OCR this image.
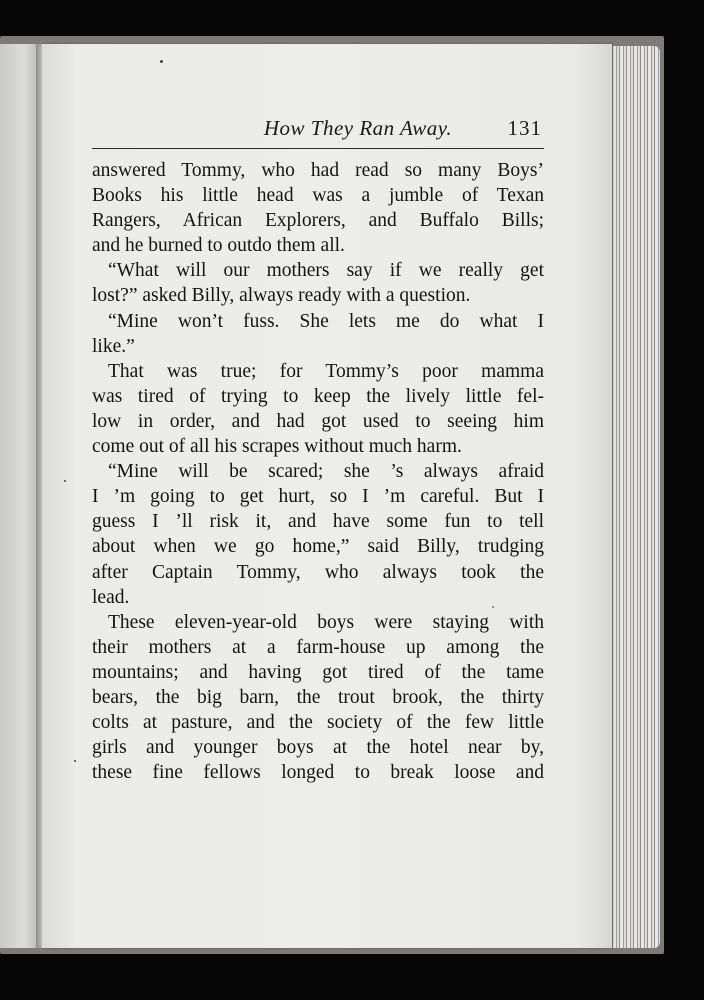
How They Ran Away.	131
answered Tommy, who had read so many Boys’
Books his little head was a jumble of Texan
Rangers, African Explorers, and Buffalo Bills;
and he burned to outdo them all.
“What will our mothers say if we really get
lost?” asked Billy, always ready with a question.
“Mine won’t fuss. She lets me do what I
like.”
That was true; for Tommy’s poor mamma
was tired of trying to keep the lively little fel-
low in order, and had got used to seeing him
come out of all his scrapes without much harm.
“Mine will be scared; she ’s always afraid
I ’m going to get hurt, so I ’m careful. But I
guess I ’ll risk it, and have some fun to tell
about when we go home,” said Billy, trudging
after Captain Tommy, who always took the
lead.
These eleven-year-old boys were staying with
their mothers at a farm-house up among the
mountains; and having got tired of the tame
bears, the big barn, the trout brook, the thirty
colts at pasture, and the society of the few little
girls and younger boys at the hotel near by,
these fine fellows longed to break loose and
